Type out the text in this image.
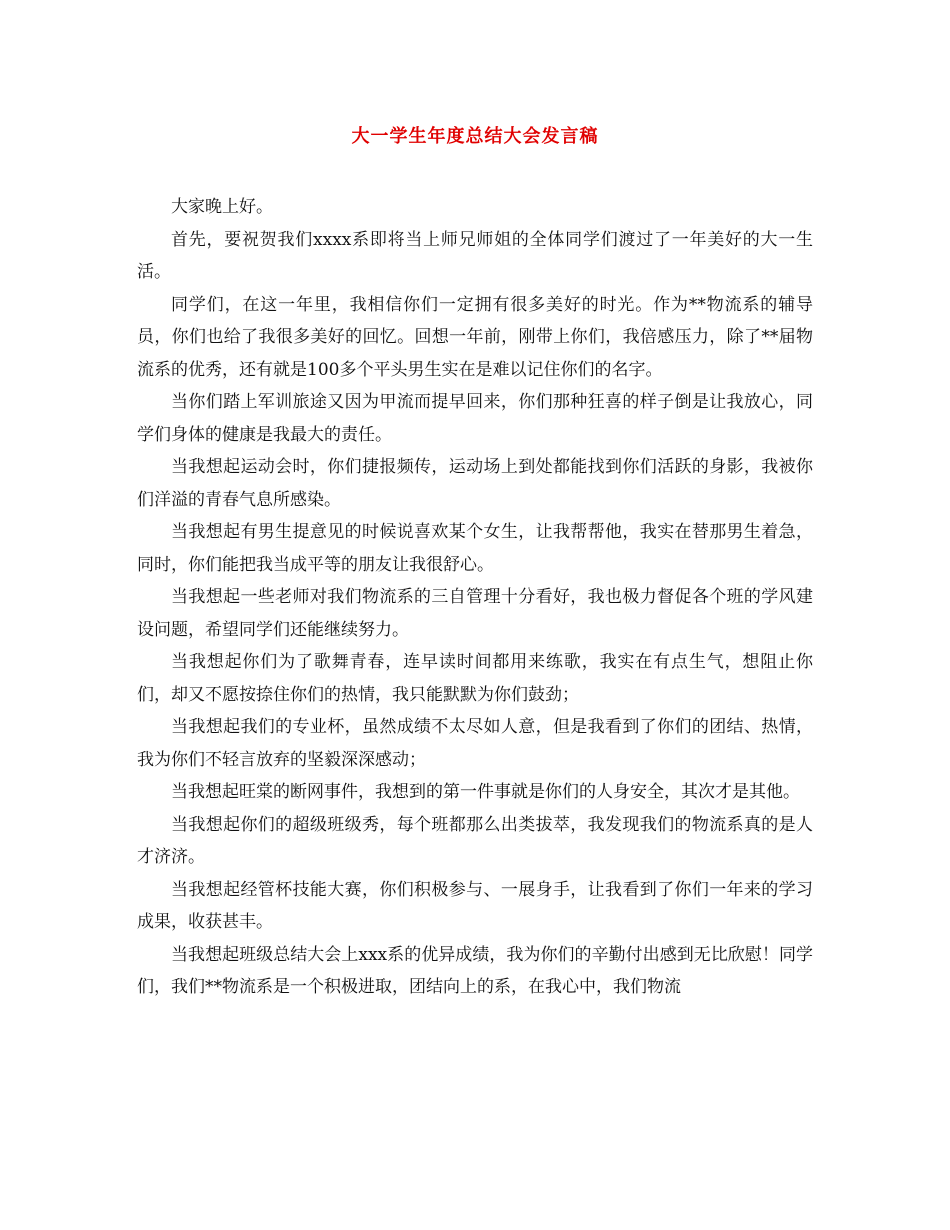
大一学生年度总结大会发言稿

大家晚上好。

首先，要祝贺我们xxxx系即将当上师兄师姐的全体同学们渡过了一年美好的大一生活。

同学们，在这一年里，我相信你们一定拥有很多美好的时光。作为**物流系的辅导员，你们也给了我很多美好的回忆。回想一年前，刚带上你们，我倍感压力，除了**届物流系的优秀，还有就是100多个平头男生实在是难以记住你们的名字。

当你们踏上军训旅途又因为甲流而提早回来，你们那种狂喜的样子倒是让我放心，同学们身体的健康是我最大的责任。

当我想起运动会时，你们捷报频传，运动场上到处都能找到你们活跃的身影，我被你们洋溢的青春气息所感染。

当我想起有男生提意见的时候说喜欢某个女生，让我帮帮他，我实在替那男生着急，同时，你们能把我当成平等的朋友让我很舒心。

当我想起一些老师对我们物流系的三自管理十分看好，我也极力督促各个班的学风建设问题，希望同学们还能继续努力。

当我想起你们为了歌舞青春，连早读时间都用来练歌，我实在有点生气，想阻止你们，却又不愿按捺住你们的热情，我只能默默为你们鼓劲；

当我想起我们的专业杯，虽然成绩不太尽如人意，但是我看到了你们的团结、热情，我为你们不轻言放弃的坚毅深深感动；

当我想起旺棠的断网事件，我想到的第一件事就是你们的人身安全，其次才是其他。

当我想起你们的超级班级秀，每个班都那么出类拔萃，我发现我们的物流系真的是人才济济。

当我想起经管杯技能大赛，你们积极参与、一展身手，让我看到了你们一年来的学习成果，收获甚丰。

当我想起班级总结大会上xxx系的优异成绩，我为你们的辛勤付出感到无比欣慰！同学们，我们**物流系是一个积极进取，团结向上的系，在我心中，我们物流
